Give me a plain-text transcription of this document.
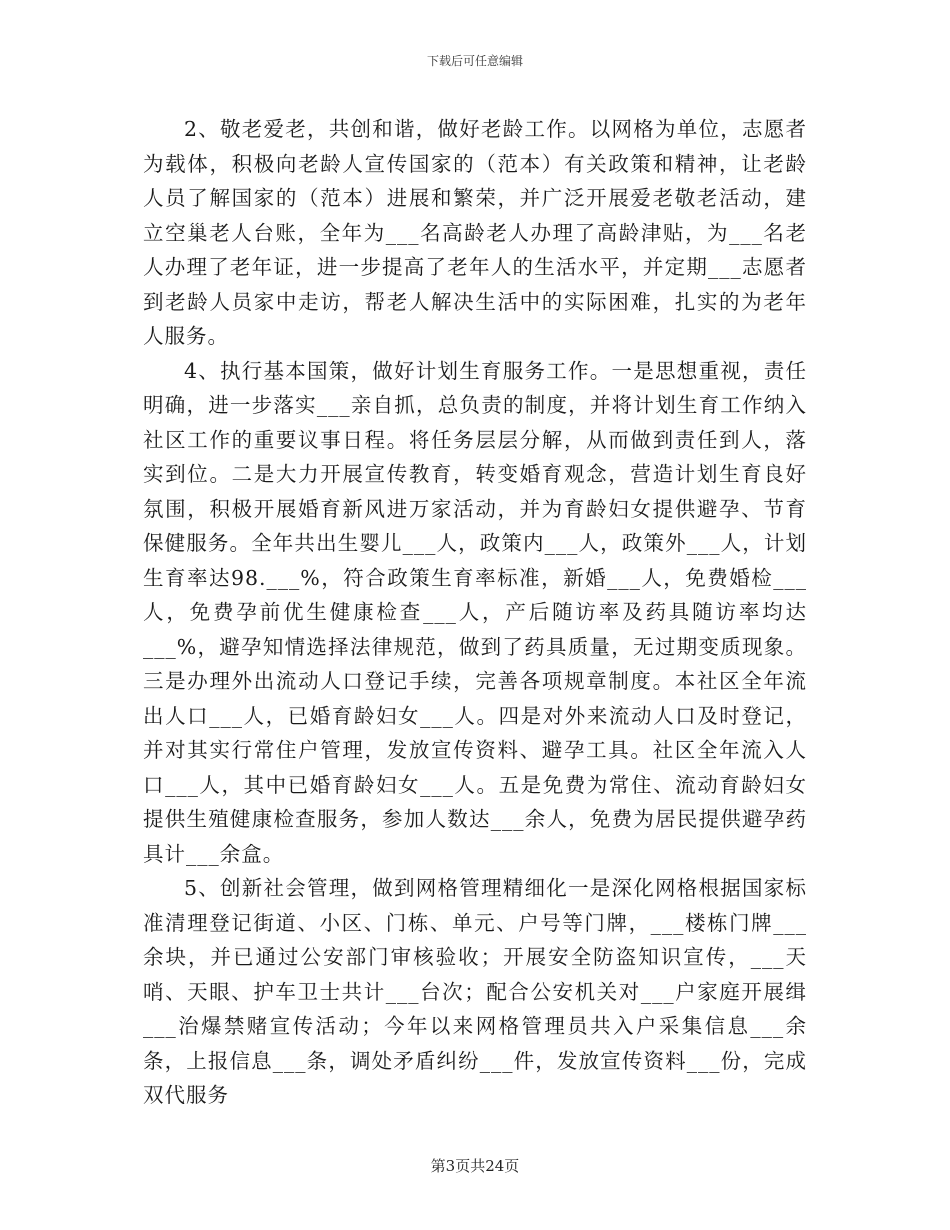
下载后可任意编辑

2、敬老爱老，共创和谐，做好老龄工作。以网格为单位，志愿者为载体，积极向老龄人宣传国家的（范本）有关政策和精神，让老龄人员了解国家的（范本）进展和繁荣，并广泛开展爱老敬老活动，建立空巢老人台账，全年为___名高龄老人办理了高龄津贴，为___名老人办理了老年证，进一步提高了老年人的生活水平，并定期___志愿者到老龄人员家中走访，帮老人解决生活中的实际困难，扎实的为老年人服务。

4、执行基本国策，做好计划生育服务工作。一是思想重视，责任明确，进一步落实___亲自抓，总负责的制度，并将计划生育工作纳入社区工作的重要议事日程。将任务层层分解，从而做到责任到人，落实到位。二是大力开展宣传教育，转变婚育观念，营造计划生育良好氛围，积极开展婚育新风进万家活动，并为育龄妇女提供避孕、节育保健服务。全年共出生婴儿___人，政策内___人，政策外___人，计划生育率达98.___%，符合政策生育率标准，新婚___人，免费婚检___人，免费孕前优生健康检查___人，产后随访率及药具随访率均达___%，避孕知情选择法律规范，做到了药具质量，无过期变质现象。三是办理外出流动人口登记手续，完善各项规章制度。本社区全年流出人口___人，已婚育龄妇女___人。四是对外来流动人口及时登记，并对其实行常住户管理，发放宣传资料、避孕工具。社区全年流入人口___人，其中已婚育龄妇女___人。五是免费为常住、流动育龄妇女提供生殖健康检查服务，参加人数达___余人，免费为居民提供避孕药具计___余盒。

5、创新社会管理，做到网格管理精细化一是深化网格根据国家标准清理登记街道、小区、门栋、单元、户号等门牌，___楼栋门牌___余块，并已通过公安部门审核验收；开展安全防盗知识宣传，___天哨、天眼、护车卫士共计___台次；配合公安机关对___户家庭开展缉___治爆禁赌宣传活动；今年以来网格管理员共入户采集信息___余条，上报信息___条，调处矛盾纠纷___件，发放宣传资料___份，完成双代服务

第3页共24页
